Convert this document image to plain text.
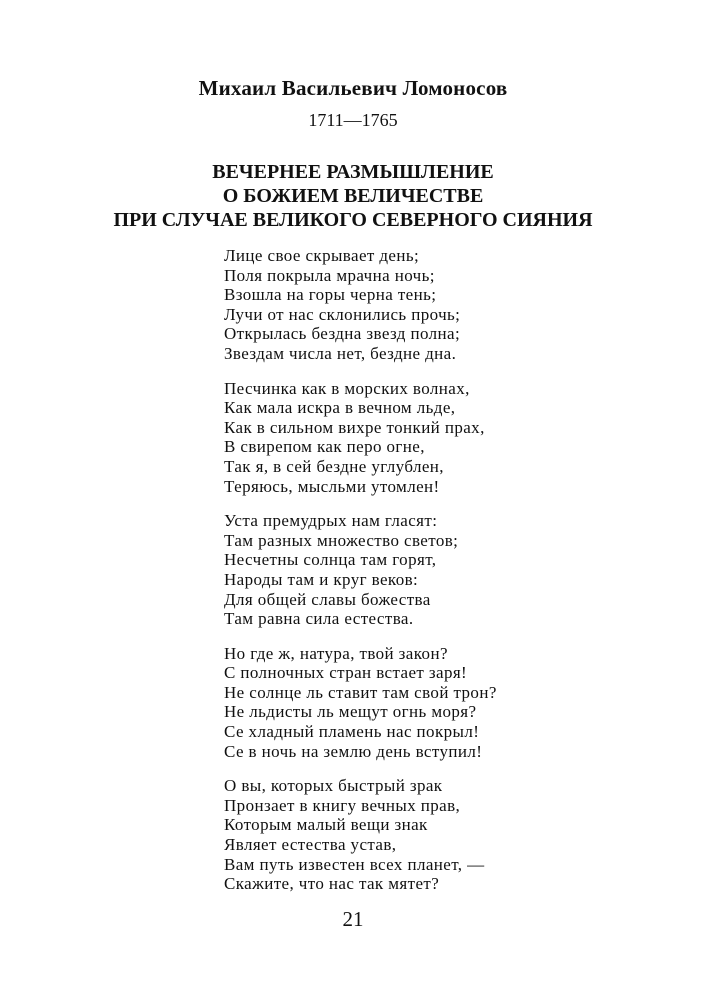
Михаил Васильевич Ломоносов
1711—1765
ВЕЧЕРНЕЕ РАЗМЫШЛЕНИЕ
О БОЖИЕМ ВЕЛИЧЕСТВЕ
ПРИ СЛУЧАЕ ВЕЛИКОГО СЕВЕРНОГО СИЯНИЯ
Лице свое скрывает день;
Поля покрыла мрачна ночь;
Взошла на горы черна тень;
Лучи от нас склонились прочь;
Открылась бездна звезд полна;
Звездам числа нет, бездне дна.
Песчинка как в морских волнах,
Как мала искра в вечном льде,
Как в сильном вихре тонкий прах,
В свирепом как перо огне,
Так я, в сей бездне углублен,
Теряюсь, мысльми утомлен!
Уста премудрых нам гласят:
Там разных множество светов;
Несчетны солнца там горят,
Народы там и круг веков:
Для общей славы божества
Там равна сила естества.
Но где ж, натура, твой закон?
С полночных стран встает заря!
Не солнце ль ставит там свой трон?
Не льдисты ль мещут огнь моря?
Се хладный пламень нас покрыл!
Се в ночь на землю день вступил!
О вы, которых быстрый зрак
Пронзает в книгу вечных прав,
Которым малый вещи знак
Являет естества устав,
Вам путь известен всех планет, —
Скажите, что нас так мятет?
21
